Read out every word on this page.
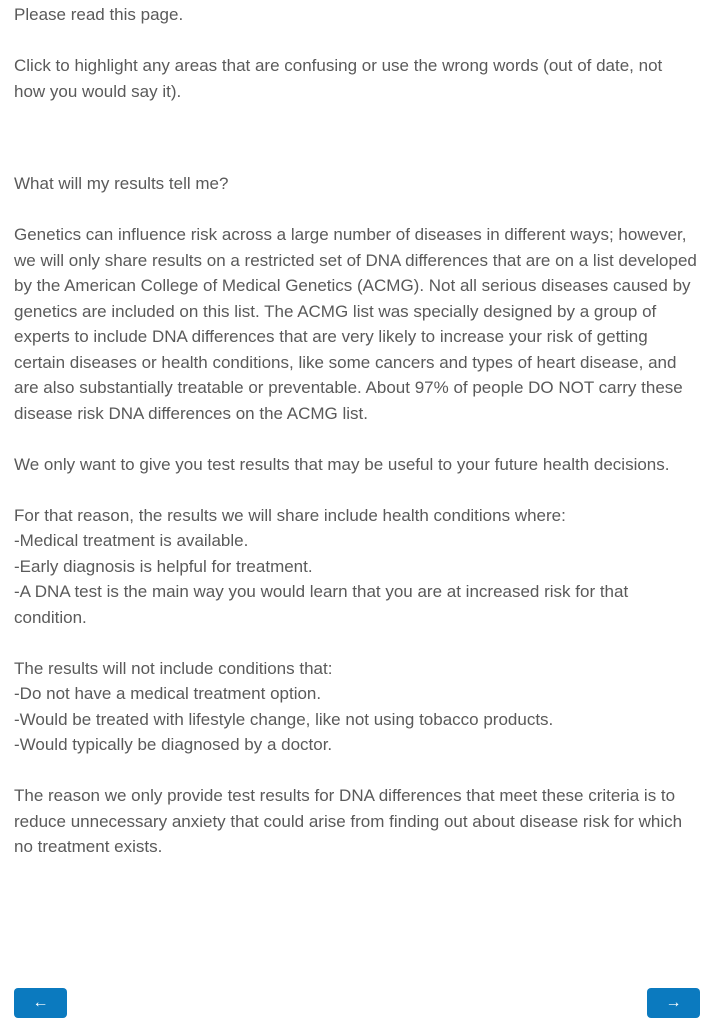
Please read this page.

Click to highlight any areas that are confusing or use the wrong words (out of date, not how you would say it).

What will my results tell me?
Genetics can influence risk across a large number of diseases in different ways; however, we will only share results on a restricted set of DNA differences that are on a list developed by the American College of Medical Genetics (ACMG). Not all serious diseases caused by genetics are included on this list. The ACMG list was specially designed by a group of experts to include DNA differences that are very likely to increase your risk of getting certain diseases or health conditions, like some cancers and types of heart disease, and are also substantially treatable or preventable. About 97% of people DO NOT carry these disease risk DNA differences on the ACMG list.
We only want to give you test results that may be useful to your future health decisions.
For that reason, the results we will share include health conditions where:
-Medical treatment is available.
-Early diagnosis is helpful for treatment.
-A DNA test is the main way you would learn that you are at increased risk for that condition.
The results will not include conditions that:
-Do not have a medical treatment option.
-Would be treated with lifestyle change, like not using tobacco products.
-Would typically be diagnosed by a doctor.
The reason we only provide test results for DNA differences that meet these criteria is to reduce unnecessary anxiety that could arise from finding out about disease risk for which no treatment exists.
←	→
